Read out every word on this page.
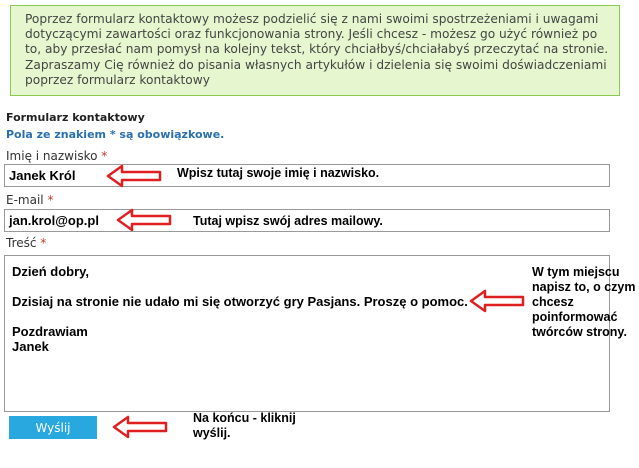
Poprzez formularz kontaktowy możesz podzielić się z nami swoimi spostrzeżeniami i uwagami dotyczącymi zawartości oraz funkcjonowania strony. Jeśli chcesz - możesz go użyć również po to, aby przesłać nam pomysł na kolejny tekst, który chciałbyś/chciałabyś przeczytać na stronie. Zapraszamy Cię również do pisania własnych artykułów i dzielenia się swoimi doświadczeniami poprzez formularz kontaktowy
Formularz kontaktowy
Pola ze znakiem * są obowiązkowe.
Imię i nazwisko *
Janek Król
E-mail *
jan.krol@op.pl
Treść *
Dzień dobry,
Dzisiaj na stronie nie udało mi się otworzyć gry Pasjans. Proszę o pomoc.
Pozdrawiam
Janek
Wyślij
Wpisz tutaj swoje imię i nazwisko.
Tutaj wpisz swój adres mailowy.
W tym miejscu
napisz to, o czym
chcesz
poinformować
twórców strony.
Na końcu - kliknij
wyślij.
